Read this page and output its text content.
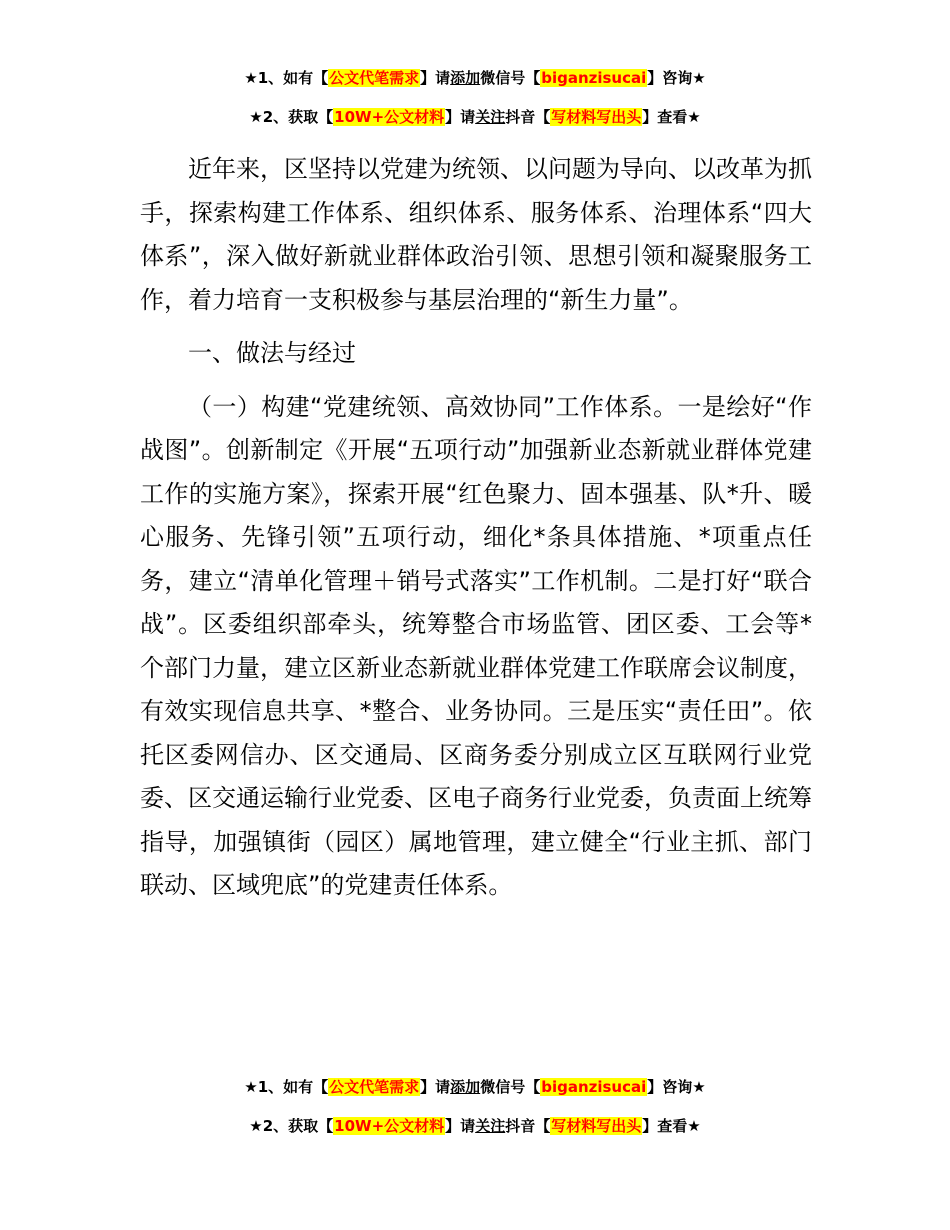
★1、如有【公文代笔需求】请添加微信号【biganzisucai】咨询★
★2、获取【10W+公文材料】请关注抖音【写材料写出头】查看★

近年来，区坚持以党建为统领、以问题为导向、以改革为抓手，探索构建工作体系、组织体系、服务体系、治理体系“四大体系”，深入做好新就业群体政治引领、思想引领和凝聚服务工作，着力培育一支积极参与基层治理的“新生力量”。

一、做法与经过

（一）构建“党建统领、高效协同”工作体系。一是绘好“作战图”。创新制定《开展“五项行动”加强新业态新就业群体党建工作的实施方案》，探索开展“红色聚力、固本强基、队*升、暖心服务、先锋引领”五项行动，细化*条具体措施、*项重点任务，建立“清单化管理＋销号式落实”工作机制。二是打好“联合战”。区委组织部牵头，统筹整合市场监管、团区委、工会等*个部门力量，建立区新业态新就业群体党建工作联席会议制度，有效实现信息共享、*整合、业务协同。三是压实“责任田”。依托区委网信办、区交通局、区商务委分别成立区互联网行业党委、区交通运输行业党委、区电子商务行业党委，负责面上统筹指导，加强镇街（园区）属地管理，建立健全“行业主抓、部门联动、区域兜底”的党建责任体系。

★1、如有【公文代笔需求】请添加微信号【biganzisucai】咨询★
★2、获取【10W+公文材料】请关注抖音【写材料写出头】查看★
